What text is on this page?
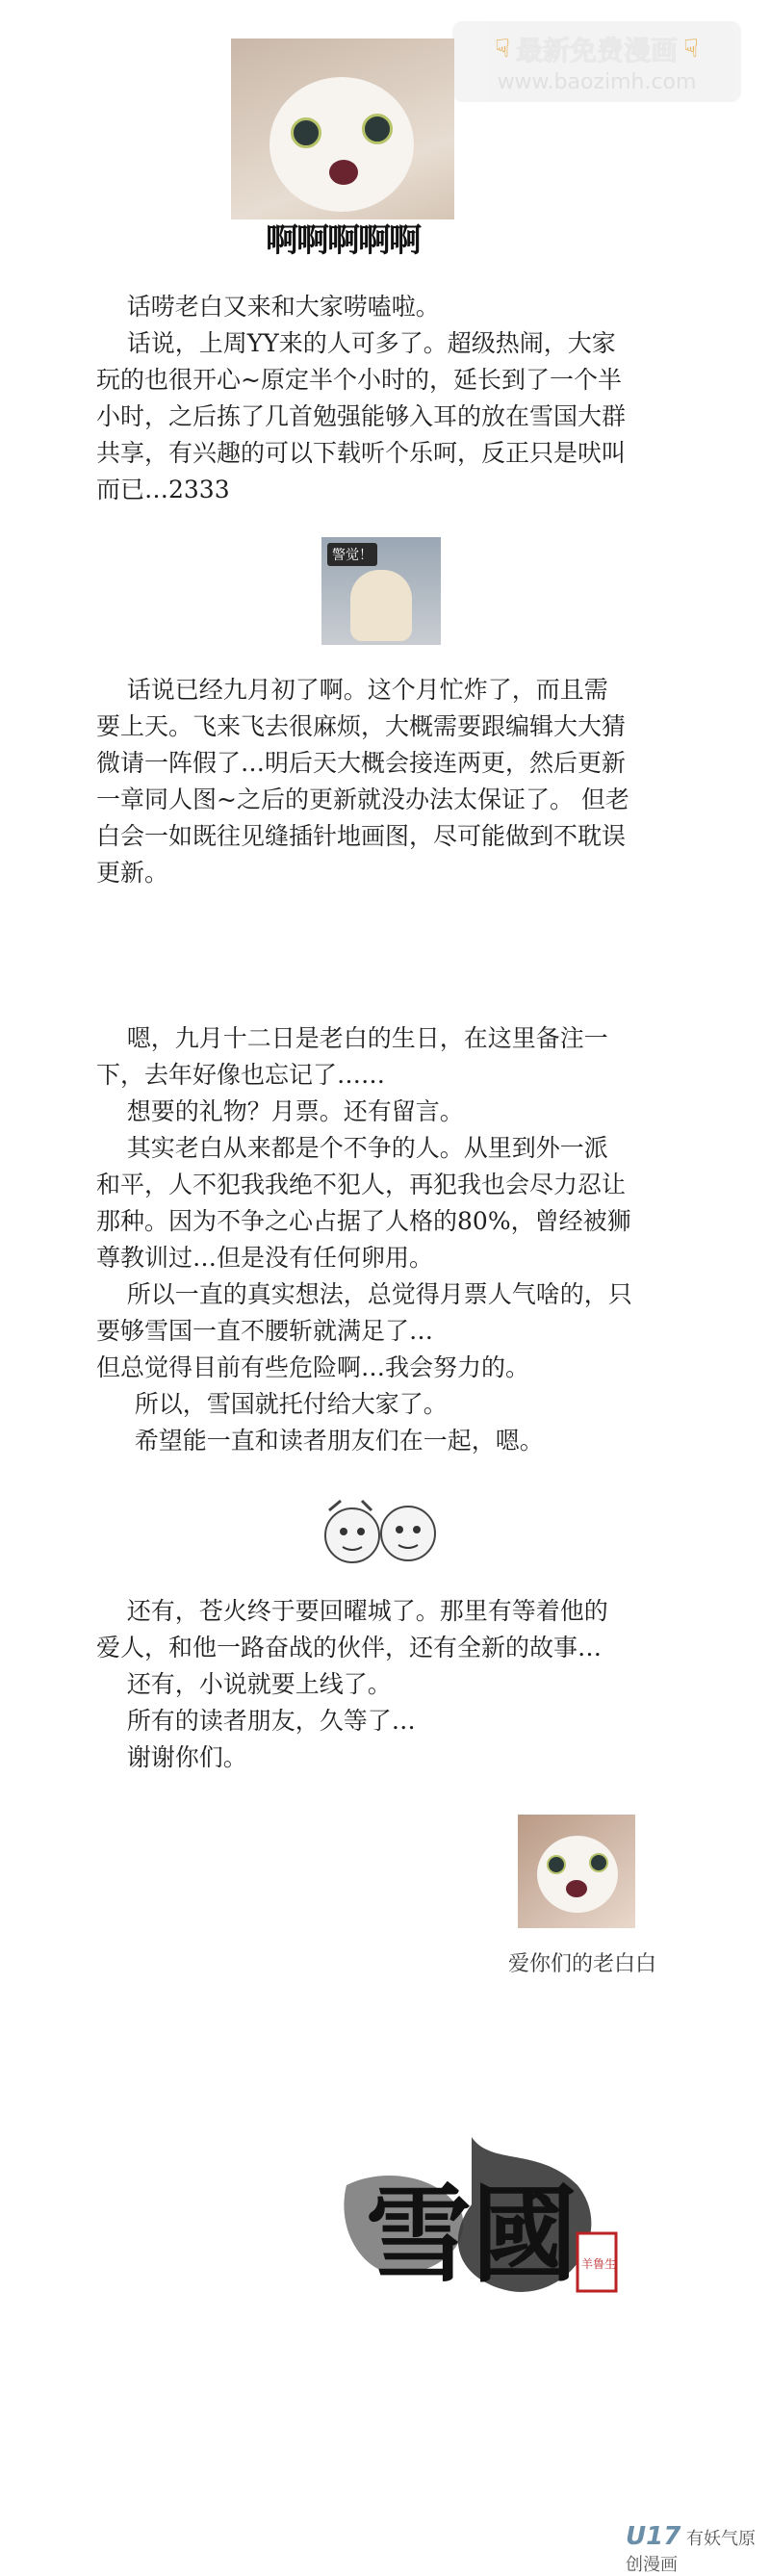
☟ 最新免费漫画 ☟
www.baozimh.com
啊啊啊啊啊

话唠老白又来和大家唠嗑啦。

话说，上周YY来的人可多了。超级热闹，大家

玩的也很开心~原定半个小时的，延长到了一个半

小时，之后拣了几首勉强能够入耳的放在雪国大群

共享，有兴趣的可以下载听个乐呵，反正只是吠叫

而已…2333

警觉！

话说已经九月初了啊。这个月忙炸了，而且需

要上天。飞来飞去很麻烦，大概需要跟编辑大大猜

微请一阵假了…明后天大概会接连两更，然后更新

一章同人图~之后的更新就没办法太保证了。 但老

白会一如既往见缝插针地画图，尽可能做到不耽误

更新。

嗯，九月十二日是老白的生日，在这里备注一

下，去年好像也忘记了……

想要的礼物？月票。还有留言。

其实老白从来都是个不争的人。从里到外一派

和平，人不犯我我绝不犯人，再犯我也会尽力忍让

那种。因为不争之心占据了人格的80%，曾经被狮

尊教训过…但是没有任何卵用。

所以一直的真实想法，总觉得月票人气啥的，只

要够雪国一直不腰斩就满足了…

但总觉得目前有些危险啊…我会努力的。

所以，雪国就托付给大家了。

希望能一直和读者朋友们在一起，嗯。

还有，苍火终于要回曜城了。那里有等着他的

爱人，和他一路奋战的伙伴，还有全新的故事…

还有，小说就要上线了。

所有的读者朋友，久等了…

谢谢你们。

爱你们的老白白
雪國 羊鲁生
U17 有妖气原创漫画
